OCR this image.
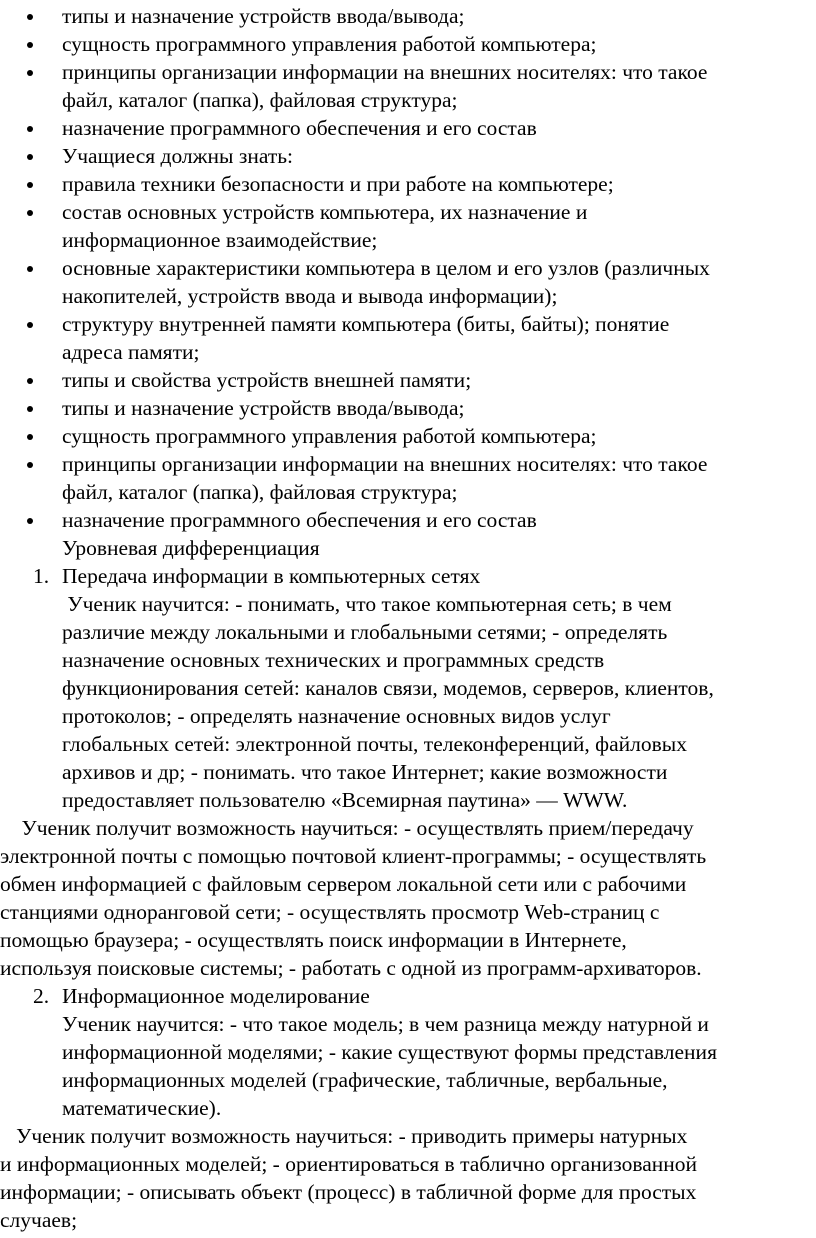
типы и назначение устройств ввода/вывода;
сущность программного управления работой компьютера;
принципы организации информации на внешних носителях: что такое
файл, каталог (папка), файловая структура;
назначение программного обеспечения и его состав
Учащиеся должны знать:
правила техники безопасности и при работе на компьютере;
состав основных устройств компьютера, их назначение и
информационное взаимодействие;
основные характеристики компьютера в целом и его узлов (различных
накопителей, устройств ввода и вывода информации);
структуру внутренней памяти компьютера (биты, байты); понятие
адреса памяти;
типы и свойства устройств внешней памяти;
типы и назначение устройств ввода/вывода;
сущность программного управления работой компьютера;
принципы организации информации на внешних носителях: что такое
файл, каталог (папка), файловая структура;
назначение программного обеспечения и его состав
Уровневая дифференциация
1. Передача информации в компьютерных сетях
Ученик научится: - понимать, что такое компьютерная сеть; в чем
различие между локальными и глобальными сетями; - определять
назначение основных технических и программных средств
функционирования сетей: каналов связи, модемов, серверов, клиентов,
протоколов; - определять назначение основных видов услуг
глобальных сетей: электронной почты, телеконференций, файловых
архивов и др; - понимать. что такое Интернет; какие возможности
предоставляет пользователю «Всемирная паутина» — WWW.
Ученик получит возможность научиться: - осуществлять прием/передачу
электронной почты с помощью почтовой клиент-программы; - осуществлять
обмен информацией с файловым сервером локальной сети или с рабочими
станциями одноранговой сети; - осуществлять просмотр Web-страниц с
помощью браузера; - осуществлять поиск информации в Интернете,
используя поисковые системы; - работать с одной из программ-архиваторов.
2. Информационное моделирование
Ученик научится: - что такое модель; в чем разница между натурной и
информационной моделями; - какие существуют формы представления
информационных моделей (графические, табличные, вербальные,
математические).
Ученик получит возможность научиться: - приводить примеры натурных
и информационных моделей; - ориентироваться в таблично организованной
информации; - описывать объект (процесс) в табличной форме для простых
случаев;
